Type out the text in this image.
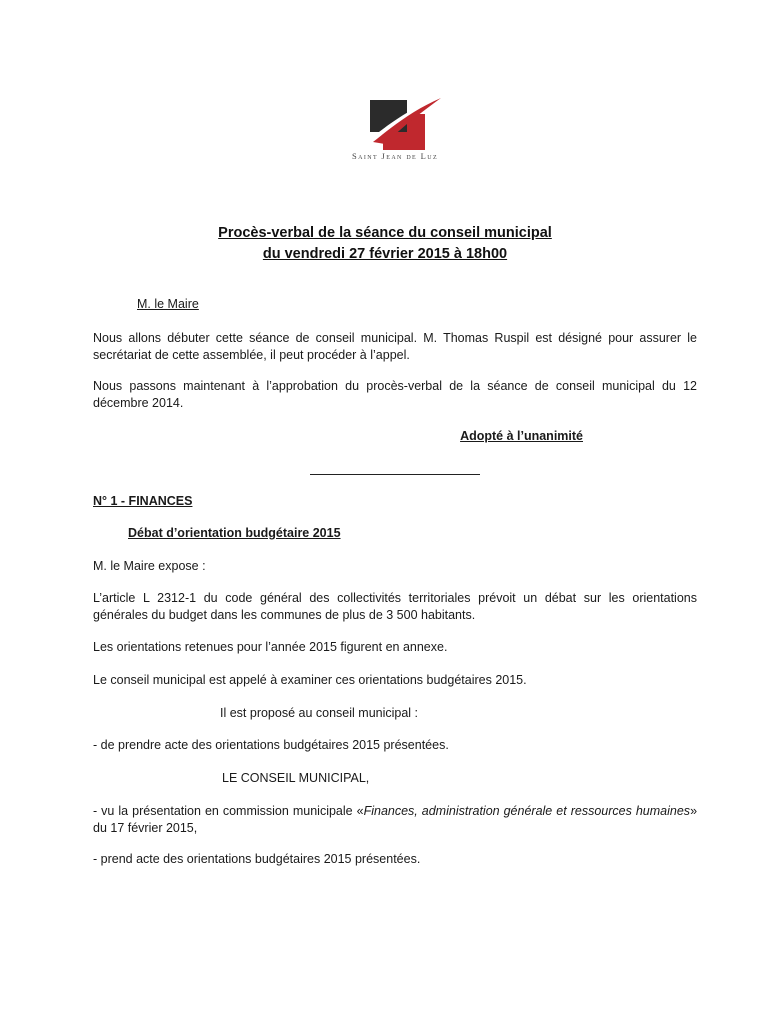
Saint Jean de Luz
Procès-verbal de la séance du conseil municipal
du vendredi 27 février 2015 à 18h00
M. le Maire
Nous allons débuter cette séance de conseil municipal. M. Thomas Ruspil est désigné pour assurer le secrétariat de cette assemblée, il peut procéder à l’appel.
Nous passons maintenant à l’approbation du procès-verbal de la séance de conseil municipal du 12 décembre 2014.
Adopté à l’unanimité
N° 1 - FINANCES
Débat d’orientation budgétaire 2015
M. le Maire expose :
L’article L 2312-1 du code général des collectivités territoriales prévoit un débat sur les orientations générales du budget dans les communes de plus de 3 500 habitants.
Les orientations retenues pour l’année 2015 figurent en annexe.
Le conseil municipal est appelé à examiner ces orientations budgétaires 2015.
Il est proposé au conseil municipal :
- de prendre acte des orientations budgétaires 2015 présentées.
LE CONSEIL MUNICIPAL,
- vu la présentation en commission municipale «Finances, administration générale et ressources humaines» du 17 février 2015,
- prend acte des orientations budgétaires 2015 présentées.
